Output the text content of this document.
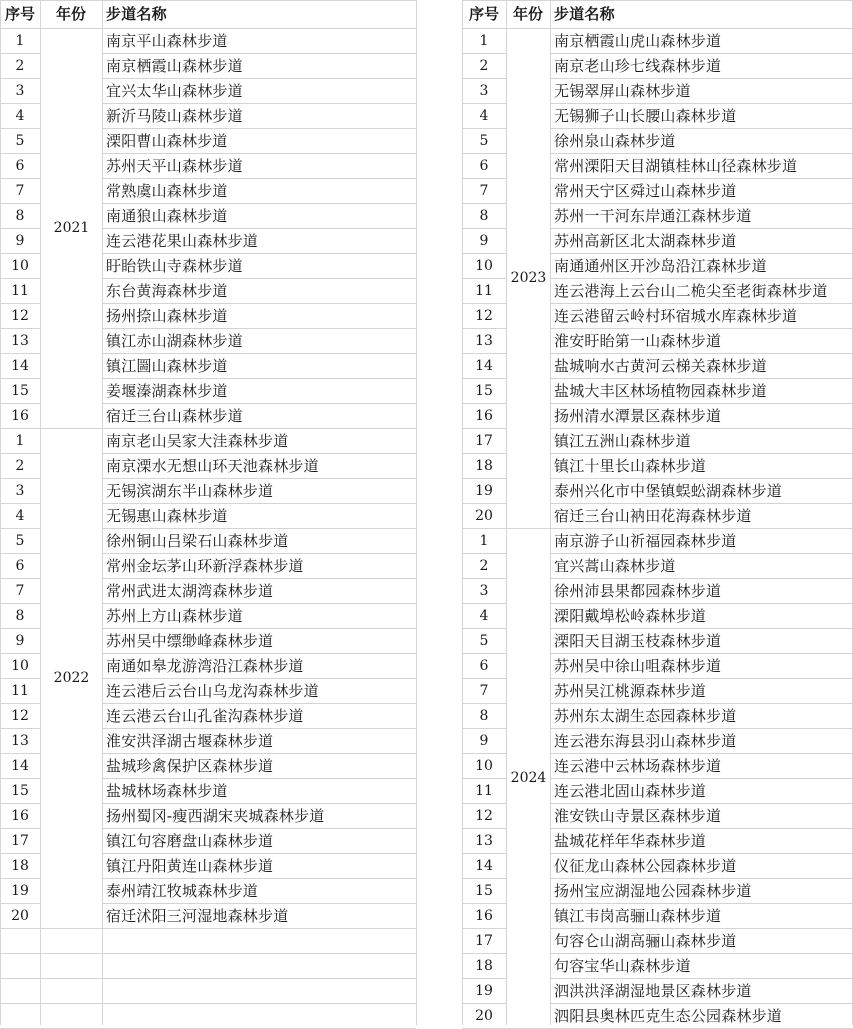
序号	年份	步道名称	序号 年份 步道名称
2021
1	南京平山森林步道
2	南京栖霞山森林步道
3	宜兴太华山森林步道
4	新沂马陵山森林步道
5	溧阳曹山森林步道
6	苏州天平山森林步道
7	常熟虞山森林步道
8	南通狼山森林步道
9	连云港花果山森林步道
10	盱眙铁山寺森林步道
11	东台黄海森林步道
12	扬州捺山森林步道
13	镇江赤山湖森林步道
14	镇江圌山森林步道
15	姜堰溱湖森林步道
16	宿迁三台山森林步道
2022
1	南京老山吴家大洼森林步道
2	南京溧水无想山环天池森林步道
3	无锡滨湖东半山森林步道
4	无锡惠山森林步道
5	徐州铜山吕梁石山森林步道
6	常州金坛茅山环新浮森林步道
7	常州武进太湖湾森林步道
8	苏州上方山森林步道
9	苏州吴中缥缈峰森林步道
10	南通如皋龙游湾沿江森林步道
11	连云港后云台山乌龙沟森林步道
12	连云港云台山孔雀沟森林步道
13	淮安洪泽湖古堰森林步道
14	盐城珍禽保护区森林步道
15	盐城林场森林步道
16	扬州蜀冈-瘦西湖宋夹城森林步道
17	镇江句容磨盘山森林步道
18	镇江丹阳黄连山森林步道
19	泰州靖江牧城森林步道
20	宿迁沭阳三河湿地森林步道
2023
1	南京栖霞山虎山森林步道
2	南京老山珍七线森林步道
3	无锡翠屏山森林步道
4	无锡狮子山长腰山森林步道
5	徐州泉山森林步道
6	常州溧阳天目湖镇桂林山径森林步道
7	常州天宁区舜过山森林步道
8	苏州一干河东岸通江森林步道
9	苏州高新区北太湖森林步道
10	南通通州区开沙岛沿江森林步道
11	连云港海上云台山二桅尖至老街森林步道
12	连云港留云岭村环宿城水库森林步道
13	淮安盱眙第一山森林步道
14	盐城响水古黄河云梯关森林步道
15	盐城大丰区林场植物园森林步道
16	扬州清水潭景区森林步道
17	镇江五洲山森林步道
18	镇江十里长山森林步道
19	泰州兴化市中堡镇蜈蚣湖森林步道
20	宿迁三台山衲田花海森林步道
2024
1	南京游子山祈福园森林步道
2	宜兴蒿山森林步道
3	徐州沛县果都园森林步道
4	溧阳戴埠松岭森林步道
5	溧阳天目湖玉枝森林步道
6	苏州吴中徐山咀森林步道
7	苏州吴江桃源森林步道
8	苏州东太湖生态园森林步道
9	连云港东海县羽山森林步道
10	连云港中云林场森林步道
11	连云港北固山森林步道
12	淮安铁山寺景区森林步道
13	盐城花样年华森林步道
14	仪征龙山森林公园森林步道
15	扬州宝应湖湿地公园森林步道
16	镇江韦岗高骊山森林步道
17	句容仑山湖高骊山森林步道
18	句容宝华山森林步道
19	泗洪洪泽湖湿地景区森林步道
20	泗阳县奥林匹克生态公园森林步道
